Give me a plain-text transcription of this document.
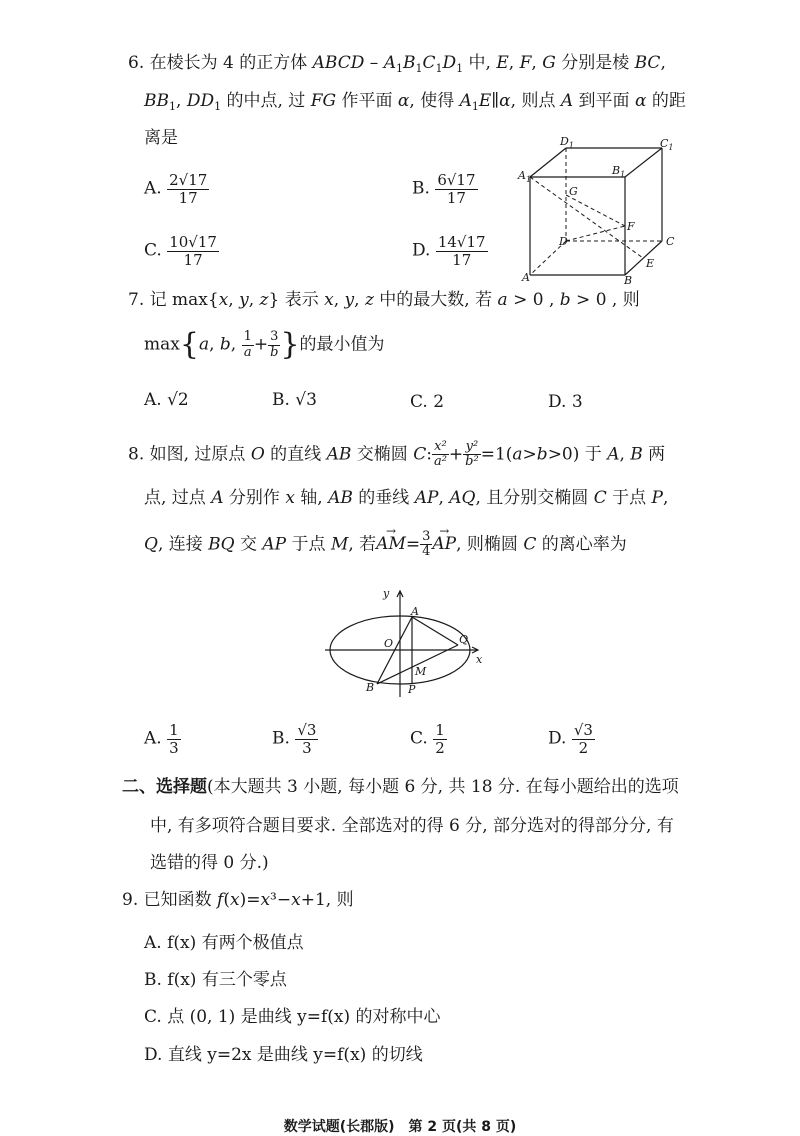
6. 在棱长为 4 的正方体 ABCD – $A_1B_1C_1D_1$ 中, E, F, G 分别是棱 BC,
$BB_1$, $DD_1$ 的中点, 过 FG 作平面 α, 使得 $A_1E\parallel\alpha$, 则点 A 到平面 α 的距
离是
A. $\frac{2√17}{17}$	B. $\frac{6√17}{17}$
C. $\frac{10√17}{17}$	D. $\frac{14√17}{17}$
$A_1$
$D_1$
$B_1$
$C_1$
G
F
D	C
E
A	B
7. 记 max{x, y, z} 表示 x, y, z 中的最大数, 若 a > 0 , b > 0 , 则
max{a, b, $\frac{1}{a} + \frac{3}{b}$ }的最小值为
A. √2	B. √3	C. 2	D. 3
8. 如图, 过原点 O 的直线 AB 交椭圆 C: $\frac{\text{x²}}{\text{a²}} + \frac{\text{y²}}{\text{b²}} =1(a>b>0)$ 于 A, B 两
点, 过点 A 分别作 x 轴, AB 的垂线 AP, AQ, 且分别交椭圆 C 于点 P,
Q, 连接 BQ 交 AP 于点 M, 若→ $AM= \frac{3}{4}$
→ AP, 则椭圆 C 的离心率为
y
x
O
A
B	P
Q
M
A. $\frac{1}{3}$	B. $\frac{√3}{3}$	C. $\frac{1}{2}$	D. $\frac{√3}{2}$
二、选择题(本大题共 3 小题, 每小题 6 分, 共 18 分. 在每小题给出的选项
中, 有多项符合题目要求. 全部选对的得 6 分, 部分选对的得部分分, 有
选错的得 0 分.)
9. 已知函数 f(x)=x³−x+1, 则
A. f(x) 有两个极值点
B. f(x) 有三个零点
C. 点 (0, 1) 是曲线 y=f(x) 的对称中心
D. 直线 y=2x 是曲线 y=f(x) 的切线
数学试题(长郡版)　第 2 页(共 8 页)
